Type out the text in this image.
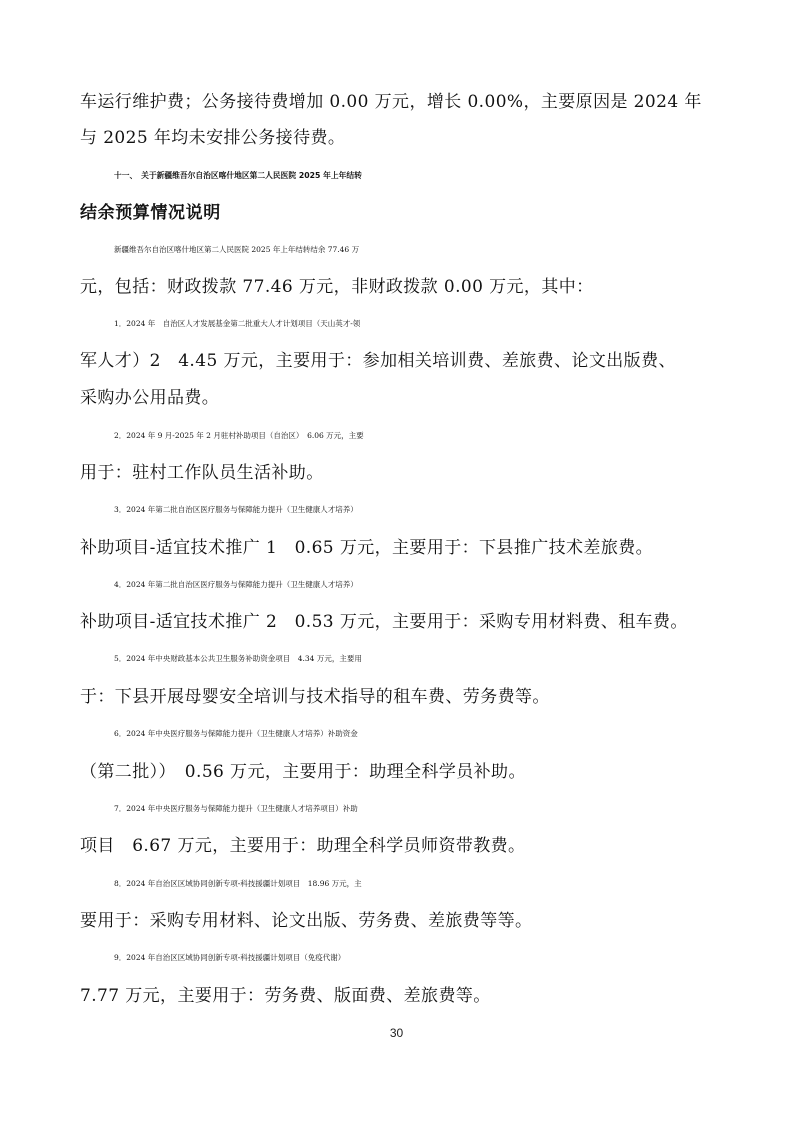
车运行维护费；公务接待费增加 0.00 万元，增长 0.00%，主要原因是 2024 年
与 2025 年均未安排公务接待费。
十一、　关于新疆维吾尔自治区喀什地区第二人民医院 2025 年上年结转
结余预算情况说明
新疆维吾尔自治区喀什地区第二人民医院 2025 年上年结转结余 77.46 万
元，包括：财政拨款 77.46 万元，非财政拨款 0.00 万元，其中：
1．2024 年　自治区人才发展基金第二批重大人才计划项目（天山英才-领
军人才）2　4.45 万元，主要用于：参加相关培训费、差旅费、论文出版费、
采购办公用品费。
2．2024 年 9 月-2025 年 2 月驻村补助项目（自治区）　6.06 万元，主要
用于：驻村工作队员生活补助。
3．2024 年第二批自治区医疗服务与保障能力提升（卫生健康人才培养）
补助项目-适宜技术推广 1　0.65 万元，主要用于：下县推广技术差旅费。
4．2024 年第二批自治区医疗服务与保障能力提升（卫生健康人才培养）
补助项目-适宜技术推广 2　0.53 万元，主要用于：采购专用材料费、租车费。
5．2024 年中央财政基本公共卫生服务补助资金项目　4.34 万元，主要用
于：下县开展母婴安全培训与技术指导的租车费、劳务费等。
6．2024 年中央医疗服务与保障能力提升（卫生健康人才培养）补助资金
（第二批））　0.56 万元，主要用于：助理全科学员补助。
7．2024 年中央医疗服务与保障能力提升（卫生健康人才培养项目）补助
项目　6.67 万元，主要用于：助理全科学员师资带教费。
8．2024 年自治区区域协同创新专项-科技援疆计划项目　18.96 万元，主
要用于：采购专用材料、论文出版、劳务费、差旅费等等。
9．2024 年自治区区域协同创新专项-科技援疆计划项目（免疫代谢）
7.77 万元，主要用于：劳务费、版面费、差旅费等。
30
